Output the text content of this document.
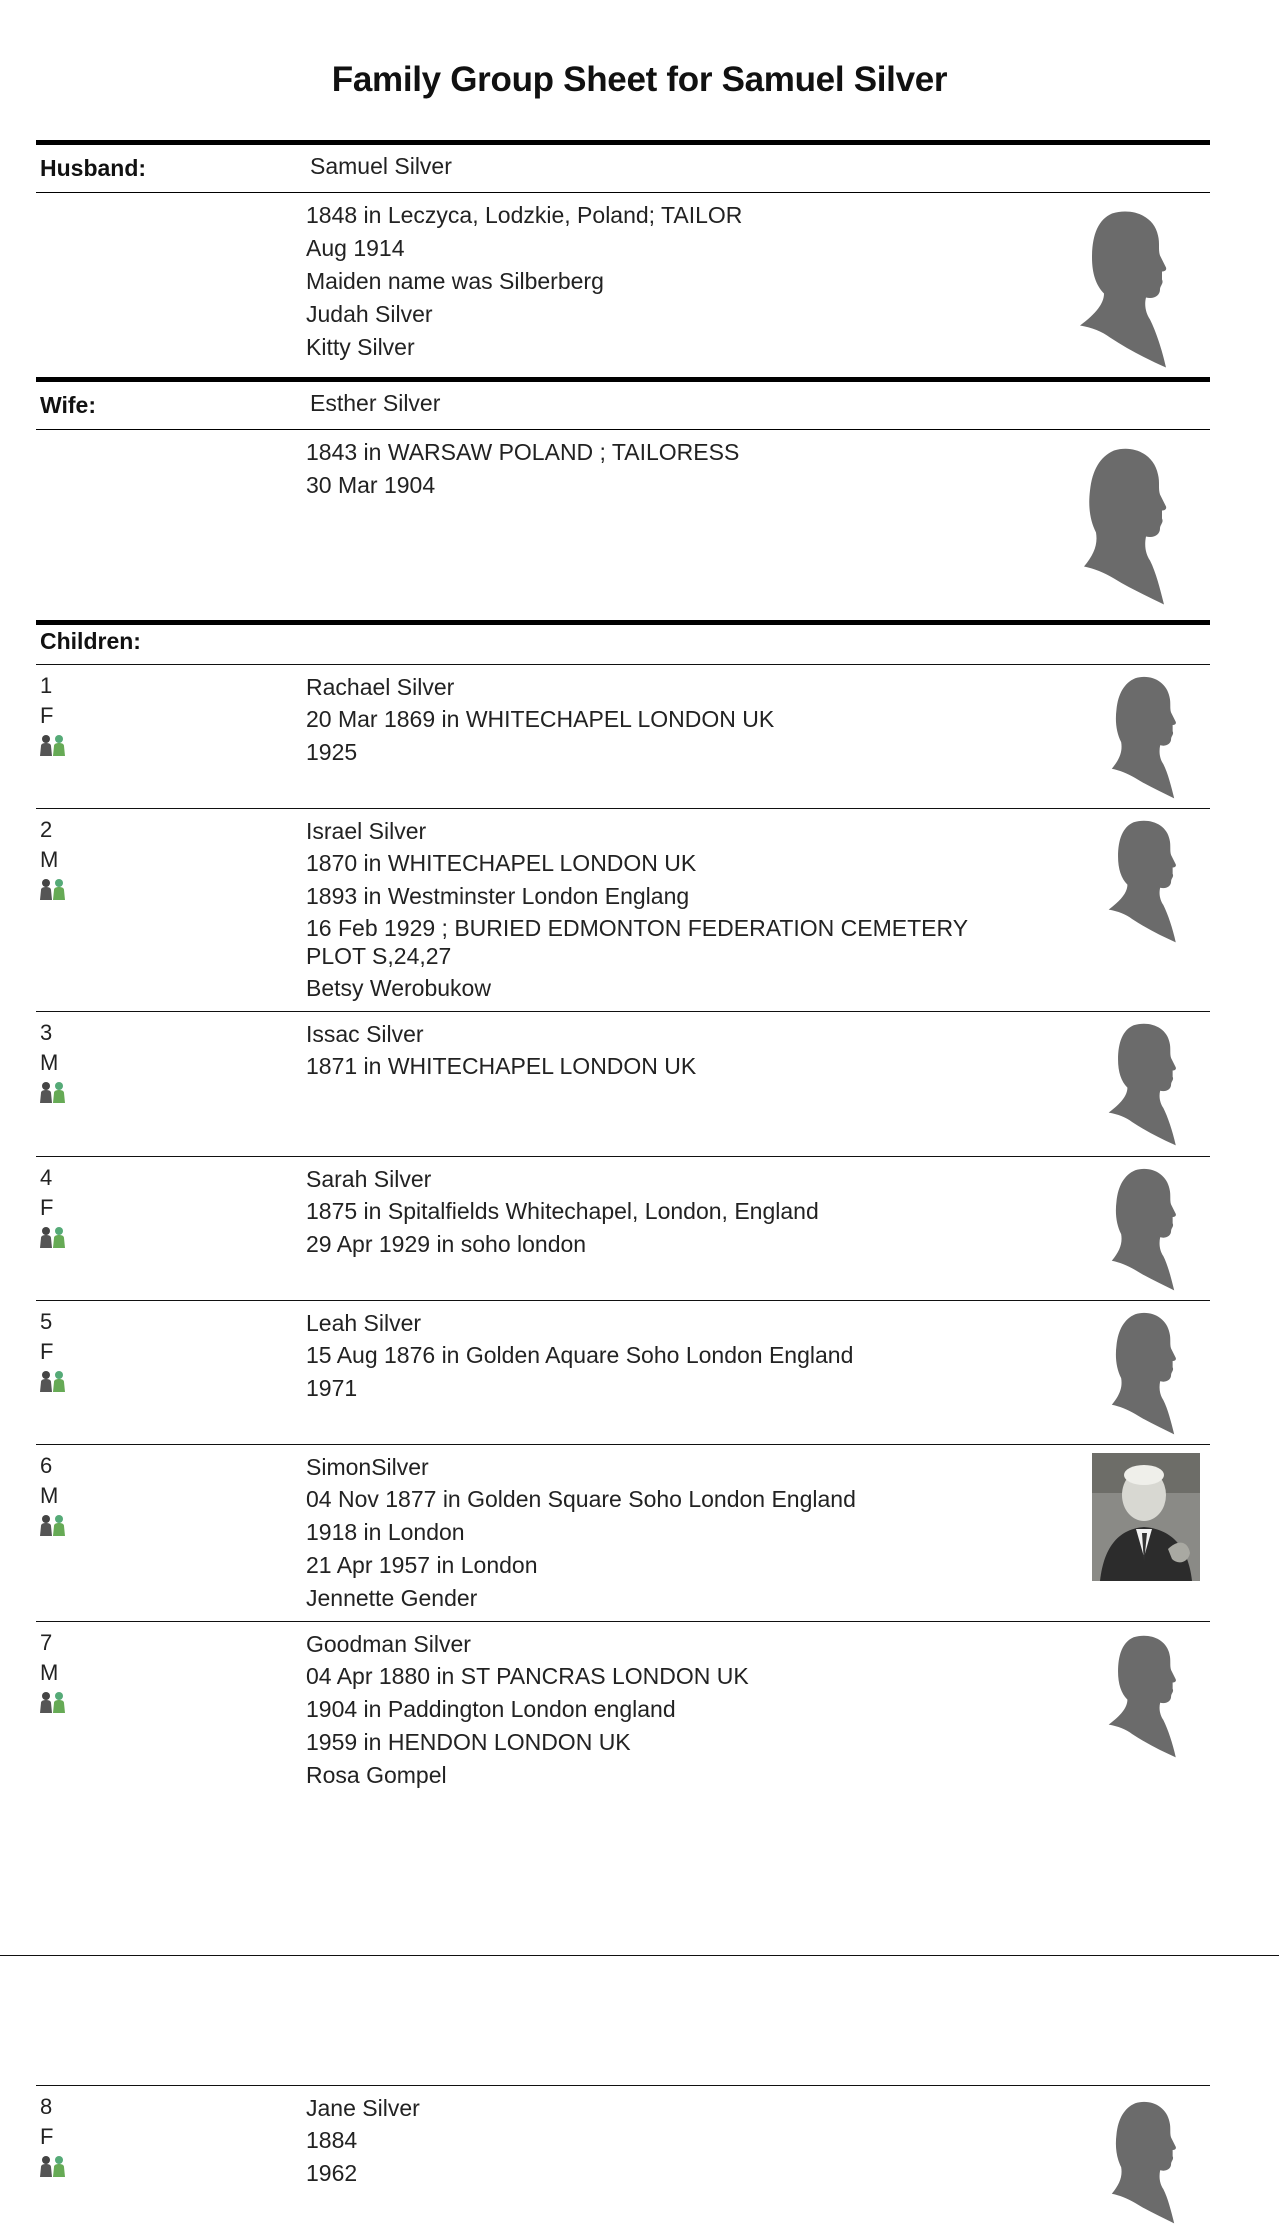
Family Group Sheet for Samuel Silver
Husband:	Samuel Silver
1848 in Leczyca, Lodzkie, Poland; TAILOR
Aug 1914
Maiden name was Silberberg
Judah Silver
Kitty Silver
Wife:	Esther Silver
1843 in WARSAW POLAND ; TAILORESS
30 Mar 1904
Children:
1
F
Rachael Silver
20 Mar 1869 in WHITECHAPEL LONDON UK
1925
2
M
Israel Silver
1870 in WHITECHAPEL LONDON UK
1893 in Westminster London Englang
16 Feb 1929 ; BURIED EDMONTON FEDERATION CEMETERY
PLOT S,24,27
Betsy Werobukow
3
M
Issac Silver
1871 in WHITECHAPEL LONDON UK
4
F
Sarah Silver
1875 in Spitalfields Whitechapel, London, England
29 Apr 1929 in soho london
5
F
Leah Silver
15 Aug 1876 in Golden Aquare Soho London England
1971
6
M
SimonSilver
04 Nov 1877 in Golden Square Soho London England
1918 in London
21 Apr 1957 in London
Jennette Gender
7
M
Goodman Silver
04 Apr 1880 in ST PANCRAS LONDON UK
1904 in Paddington London england
1959 in HENDON LONDON UK
Rosa Gompel
8
F
Jane Silver
1884
1962
